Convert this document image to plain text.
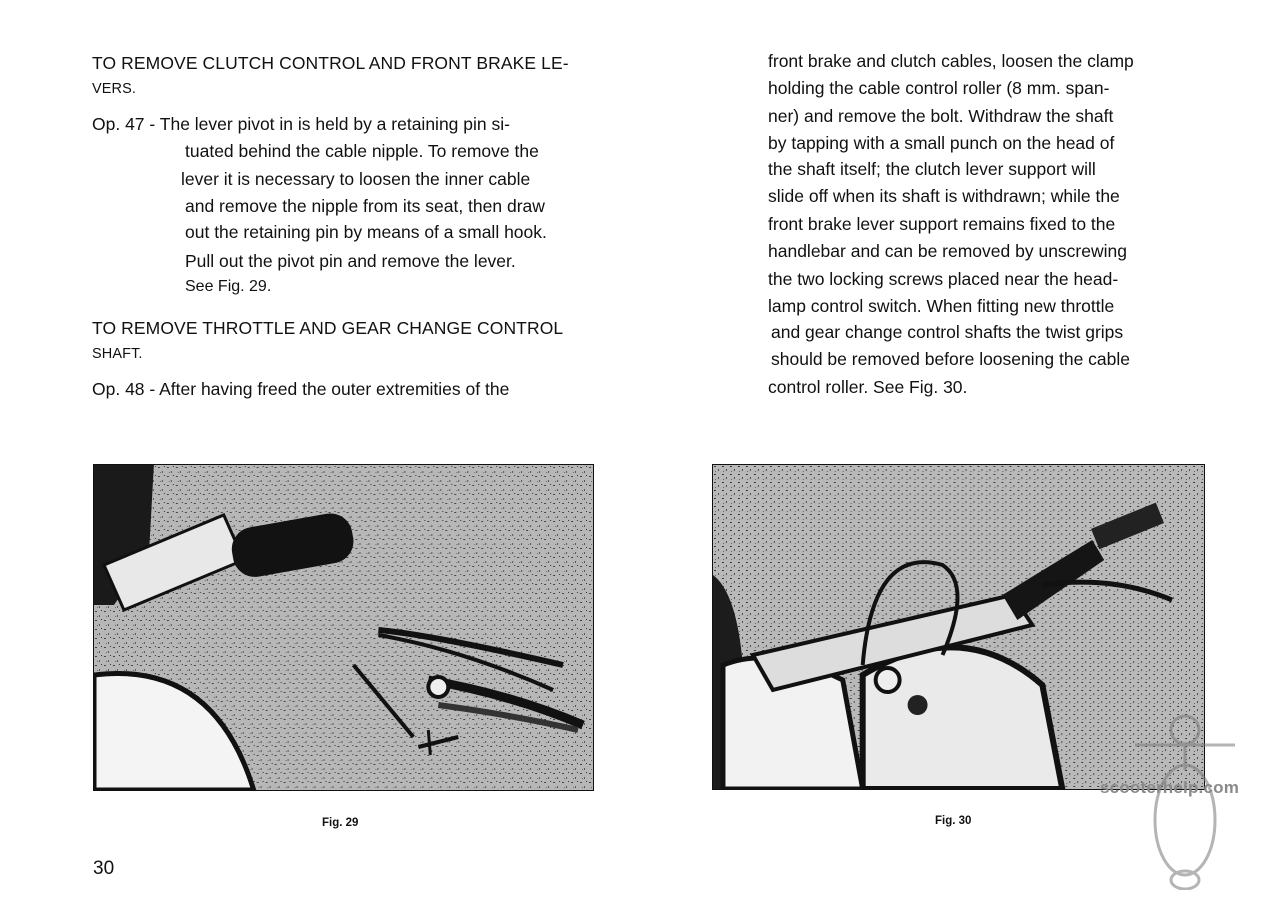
TO REMOVE CLUTCH CONTROL AND FRONT BRAKE LE-
VERS.
Op. 47 - The lever pivot in is held by a retaining pin si-
tuated behind the cable nipple. To remove the
lever it is necessary to loosen the inner cable
and remove the nipple from its seat, then draw
out the retaining pin by means of a small hook.
Pull out the pivot pin and remove the lever.
See Fig. 29.
TO REMOVE THROTTLE AND GEAR CHANGE CONTROL
SHAFT.
Op. 48 - After having freed the outer extremities of the
Fig. 29
30
front brake and clutch cables, loosen the clamp
holding the cable control roller (8 mm. span-
ner) and remove the bolt. Withdraw the shaft
by tapping with a small punch on the head of
the shaft itself; the clutch lever support will
slide off when its shaft is withdrawn; while the
front brake lever support remains fixed to the
handlebar and can be removed by unscrewing
the two locking screws placed near the head-
lamp control switch. When fitting new throttle
and gear change control shafts the twist grips
should be removed before loosening the cable
control roller. See Fig. 30.
Fig. 30
scooterhelp.com
